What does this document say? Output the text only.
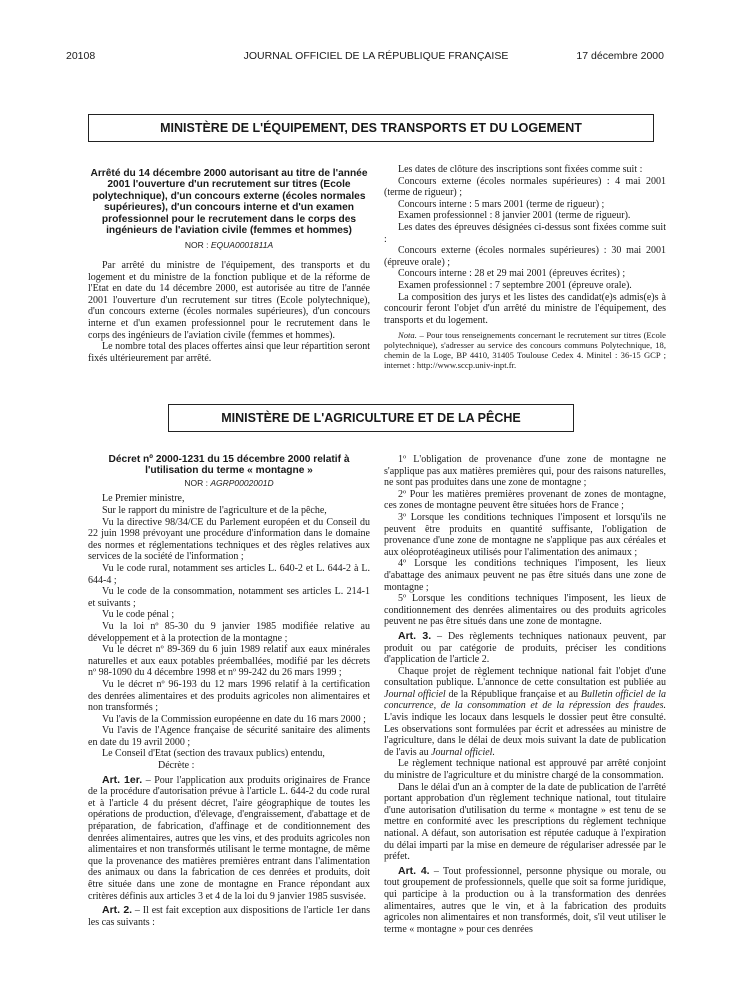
20108	JOURNAL OFFICIEL DE LA RÉPUBLIQUE FRANÇAISE	17 décembre 2000
MINISTÈRE DE L'ÉQUIPEMENT, DES TRANSPORTS ET DU LOGEMENT
Arrêté du 14 décembre 2000 autorisant au titre de l'année 2001 l'ouverture d'un recrutement sur titres (Ecole polytechnique), d'un concours externe (écoles normales supérieures), d'un concours interne et d'un examen professionnel pour le recrutement dans le corps des ingénieurs de l'aviation civile (femmes et hommes)
NOR : EQUA0001811A

Par arrêté du ministre de l'équipement, des transports et du logement et du ministre de la fonction publique et de la réforme de l'Etat en date du 14 décembre 2000, est autorisée au titre de l'année 2001 l'ouverture d'un recrutement sur titres (Ecole polytechnique), d'un concours externe (écoles normales supérieures), d'un concours interne et d'un examen professionnel pour le recrutement dans le corps des ingénieurs de l'aviation civile (femmes et hommes).

Le nombre total des places offertes ainsi que leur répartition seront fixés ultérieurement par arrêté.

Les dates de clôture des inscriptions sont fixées comme suit :

Concours externe (écoles normales supérieures) : 4 mai 2001 (terme de rigueur) ;

Concours interne : 5 mars 2001 (terme de rigueur) ;

Examen professionnel : 8 janvier 2001 (terme de rigueur).

Les dates des épreuves désignées ci-dessus sont fixées comme suit :

Concours externe (écoles normales supérieures) : 30 mai 2001 (épreuve orale) ;

Concours interne : 28 et 29 mai 2001 (épreuves écrites) ;

Examen professionnel : 7 septembre 2001 (épreuve orale).

La composition des jurys et les listes des candidat(e)s admis(e)s à concourir feront l'objet d'un arrêté du ministre de l'équipement, des transports et du logement.

Nota. – Pour tous renseignements concernant le recrutement sur titres (Ecole polytechnique), s'adresser au service des concours communs Polytechnique, 18, chemin de la Loge, BP 4410, 31405 Toulouse Cedex 4. Minitel : 36-15 GCP ; internet : http://www.sccp.univ-inpt.fr.

MINISTÈRE DE L'AGRICULTURE ET DE LA PÊCHE
Décret nº 2000-1231 du 15 décembre 2000 relatif à l'utilisation du terme « montagne »
NOR : AGRP0002001D

Le Premier ministre,

Sur le rapport du ministre de l'agriculture et de la pêche,

Vu la directive 98/34/CE du Parlement européen et du Conseil du 22 juin 1998 prévoyant une procédure d'information dans le domaine des normes et réglementations techniques et des règles relatives aux services de la société de l'information ;

Vu le code rural, notamment ses articles L. 640-2 et L. 644-2 à L. 644-4 ;

Vu le code de la consommation, notamment ses articles L. 214-1 et suivants ;

Vu le code pénal ;

Vu la loi nº 85-30 du 9 janvier 1985 modifiée relative au développement et à la protection de la montagne ;

Vu le décret nº 89-369 du 6 juin 1989 relatif aux eaux minérales naturelles et aux eaux potables préemballées, modifié par les décrets nº 98-1090 du 4 décembre 1998 et nº 99-242 du 26 mars 1999 ;

Vu le décret nº 96-193 du 12 mars 1996 relatif à la certification des denrées alimentaires et des produits agricoles non alimentaires et non transformés ;

Vu l'avis de la Commission européenne en date du 16 mars 2000 ;

Vu l'avis de l'Agence française de sécurité sanitaire des aliments en date du 19 avril 2000 ;

Le Conseil d'Etat (section des travaux publics) entendu,

Décrète :

Art. 1er. – Pour l'application aux produits originaires de France de la procédure d'autorisation prévue à l'article L. 644-2 du code rural et à l'article 4 du présent décret, l'aire géographique de toutes les opérations de production, d'élevage, d'engraissement, d'abattage et de préparation, de fabrication, d'affinage et de conditionnement des denrées alimentaires, autres que les vins, et des produits agricoles non alimentaires et non transformés utilisant le terme montagne, de même que la provenance des matières premières entrant dans l'alimentation des animaux ou dans la fabrication de ces denrées et produits, doit être située dans une zone de montagne en France répondant aux critères définis aux articles 3 et 4 de la loi du 9 janvier 1985 susvisée.

Art. 2. – Il est fait exception aux dispositions de l'article 1er dans les cas suivants :

1º L'obligation de provenance d'une zone de montagne ne s'applique pas aux matières premières qui, pour des raisons naturelles, ne sont pas produites dans une zone de montagne ;

2º Pour les matières premières provenant de zones de montagne, ces zones de montagne peuvent être situées hors de France ;

3º Lorsque les conditions techniques l'imposent et lorsqu'ils ne peuvent être produits en quantité suffisante, l'obligation de provenance d'une zone de montagne ne s'applique pas aux céréales et aux oléoprotéagineux utilisés pour l'alimentation des animaux ;

4º Lorsque les conditions techniques l'imposent, les lieux d'abattage des animaux peuvent ne pas être situés dans une zone de montagne ;

5º Lorsque les conditions techniques l'imposent, les lieux de conditionnement des denrées alimentaires ou des produits agricoles peuvent ne pas être situés dans une zone de montagne.

Art. 3. – Des règlements techniques nationaux peuvent, par produit ou par catégorie de produits, préciser les conditions d'application de l'article 2.

Chaque projet de règlement technique national fait l'objet d'une consultation publique. L'annonce de cette consultation est publiée au Journal officiel de la République française et au Bulletin officiel de la concurrence, de la consommation et de la répression des fraudes. L'avis indique les locaux dans lesquels le dossier peut être consulté. Les observations sont formulées par écrit et adressées au ministre de l'agriculture, dans le délai de deux mois suivant la date de publication de l'avis au Journal officiel.

Le règlement technique national est approuvé par arrêté conjoint du ministre de l'agriculture et du ministre chargé de la consommation.

Dans le délai d'un an à compter de la date de publication de l'arrêté portant approbation d'un règlement technique national, tout titulaire d'une autorisation d'utilisation du terme « montagne » est tenu de se mettre en conformité avec les prescriptions du règlement technique national. A défaut, son autorisation est réputée caduque à l'expiration du délai imparti par la mise en demeure de régulariser adressée par le préfet.

Art. 4. – Tout professionnel, personne physique ou morale, ou tout groupement de professionnels, quelle que soit sa forme juridique, qui participe à la production ou à la transformation des denrées alimentaires, autres que le vin, et à la fabrication des produits agricoles non alimentaires et non transformés, doit, s'il veut utiliser le terme « montagne » pour ces denrées
